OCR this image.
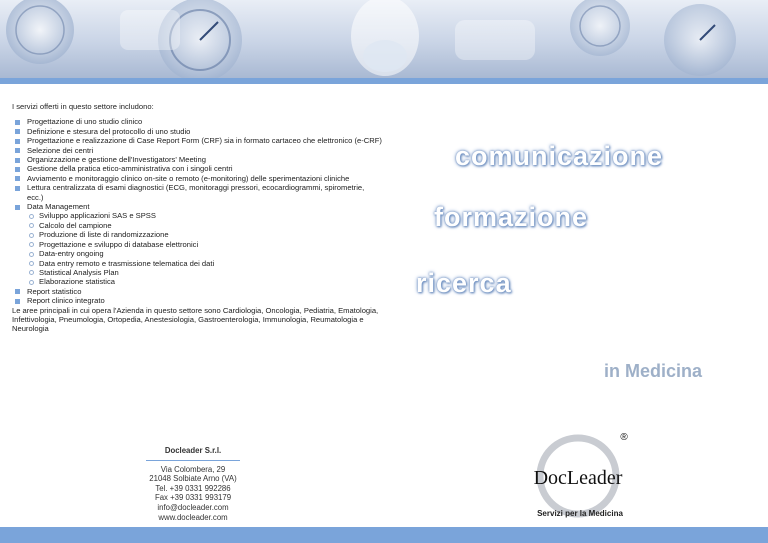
I servizi offerti in questo settore includono:

Progettazione di uno studio clinico
Definizione e stesura del protocollo di uno studio
Progettazione e realizzazione di Case Report Form (CRF) sia in formato cartaceo che elettronico (e-CRF)
Selezione dei centri
Organizzazione e gestione dell'Investigators' Meeting
Gestione della pratica etico-amministrativa con i singoli centri
Avviamento e monitoraggio clinico on-site o remoto (e-monitoring) delle sperimentazioni cliniche
Lettura centralizzata di esami diagnostici (ECG, monitoraggi pressori, ecocardiogrammi, spirometrie, ecc.)
Data Management
Sviluppo applicazioni SAS e SPSS
Calcolo del campione
Produzione di liste di randomizzazione
Progettazione e sviluppo di database elettronici
Data-entry ongoing
Data entry remoto e trasmissione telematica dei dati
Statistical Analysis Plan
Elaborazione statistica
Report statistico
Report clinico integrato

Le aree principali in cui opera l'Azienda in questo settore sono Cardiologia, Oncologia, Pediatria, Ematologia, Infettivologia, Pneumologia, Ortopedia, Anestesiologia, Gastroenterologia, Immunologia, Reumatologia e Neurologia

comunicazione
formazione
ricerca
in Medicina
Docleader S.r.l.
Via Colombera, 29
21048 Solbiate Arno (VA)
Tel. +39 0331 992286
Fax +39 0331 993179
info@docleader.com
www.docleader.com
DocLeader
®
Servizi per la Medicina
